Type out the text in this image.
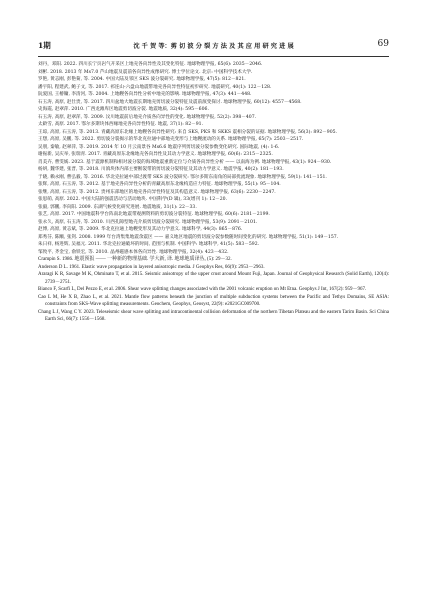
1期	沈 千 贺 等：剪 切 波 分 裂 方 法 及 其 应 用 研 究 进 展	69

刘丹，邓阳. 2022. 四川长宁页岩气开采区上地壳各向异性及其变化特征. 地球物理学报, 65(6): 2035－2046.

刘彬. 2018. 2013 年 Ms7.0 芦山地震及震前各向异性成像研究. 博士学位论文. 北京: 中国科学技术大学.

罗艳, 黄志刚, 彭艳菊, 等. 2004. 中国大陆及邻区 SKS 波分裂研究. 地球物理学报, 47(5): 812－821.

潘宇阳, 程建武, 鲍子文, 等. 2017. 祁连山-六盘山地震带地壳各向异性特征初步研究. 地震研究, 40(1): 122－128.

阮爱国, 王椿镛, 李清河, 等. 2004. 上地幔各向异性分析中地壳的影响. 地球物理学报, 47(3): 441－448.

石玉涛, 高原, 赵仕贵, 等. 2017. 四川盆地大地震长期地壳剪切波分裂特征及震前演变探讨. 地球物理学报, 60(12): 4557－4568.

史海霞, 赵翠萍. 2010. 广西龙滩库区地震剪切波分裂. 地震地质, 32(4): 595－606.

石玉涛, 高原, 赵翠萍, 等. 2009. 汶川地震前后地壳介质各向异性的变化. 地球物理学报, 52(2): 398－407.

太龄雪, 高原. 2017. 鄂尔多斯块体西缘地壳各向异性特征. 地震, 37(1): 82－91.

王琼, 高原, 石玉涛, 等. 2013. 青藏高原东北缘上地幔各向异性研究: 来自 SKS, PKS 和 SKKS 震相分裂的证据. 地球物理学报, 56(3): 892－905.

王想, 高原, 吴鹏, 等. 2022. 剪切波分裂揭示的华北克拉通中部地壳变形与上地幔流动的关系. 地球物理学报, 65(7): 2503－2517.

吴朋, 秦敏, 赵翠萍, 等. 2019. 2014 年 10 月云南景谷 Ms6.6 地震序列剪切波分裂参数变化研究. 国际地震, (4): 1-6.

谢振新, 吴庆举, 张瑞青. 2017. 青藏高原东北缘地壳各向异性及其动力学意义. 地球物理学报, 60(6): 2315－2325.

肖美卉, 曹雯嫣. 2023. 基于震源机制和相对波分裂的海域地震重新定位与介质各向异性分析 —— 以南海为例. 地球物理学报, 43(1): 924－930.

杨妍, 魏华建, 张晋, 等. 2018. 川滇块体内部主要断裂带的剪切波分裂特征及其动力学意义. 地震学报, 40(2): 181－193.

于晓, 赖永刚, 曹弘毅, 等. 2016. 华北克拉通中部过渡带 SKS 波分裂研究: 鄂尔多斯东南角的局部扰流现象. 地球物理学报, 59(1): 141－151.

张辉, 高原, 石玉涛, 等. 2012. 基于地壳各向异性分析的青藏高原东北缘构造应力特征. 地球物理学报, 55(1): 95－104.

张继, 高原, 石玉涛, 等. 2012. 贵州东部地区的地壳各向异性特征及其构造意义. 地球物理学报, 63(6): 2230－2247.

张思萌, 高原. 2022. 中国大陆的强震活动与活动地块. 中国科学(D 辑), 33(增刊 1): 12－20.

张毅, 郭鹏, 李向阳. 2009. 东湖气候变化研究进展. 地震地质, 31(1): 22－33.

张艺, 高原. 2017. 中国地震科学台阵南北地震带观测资料的剪切波分裂特征. 地球物理学报, 60(6): 2181－2199.

张永久, 高原, 石玉涛, 等. 2010. 川西孔隙型地壳介质剪切波分裂研究. 地球物理学报, 53(9): 2091－2101.

赵博, 高原, 黄志斌, 等. 2009. 华北克拉通上地幔变形及其动力学意义. 地球科学, 44(3): 865－876.

郑秀芬, 陈颙, 张剑. 2008. 1999 年台湾集集地震余震区 —— 嘉义地区地震的剪切波分裂参数随时间变化的研究. 地球物理学报, 51(1): 149－157.

朱日祥, 杨进辉, 吴福元. 2011. 华北克拉通破坏的时间, 范围与机制. 中国科学: 地球科学, 41(5): 583－592.

邹致平, 齐金宝, 俞铁宏, 等. 2010. 晶州磁感本体各向异性. 地球物理学报, 32(4): 423－432.

Crampin S. 1986. 地震预报 —— 一种新的物理基础. 学大新, 译. 地球地质译丛, (5): 29－32.

Anderson D L. 1961. Elastic wave propagation in layered anisotropic media. J Geophys Res, 66(9): 2953－2963.

Araragi K R, Savage M K, Ohminato T, et al. 2015. Seismic anisotropy of the upper crust around Mount Fuji, Japan. Journal of Geophysical Research (Solid Earth), 120(4): 2739－2751.

Bianco F, Scarfi L, Del Pezzo E, et al. 2006. Shear wave splitting changes associated with the 2001 volcanic eruption on Mt Etna. Geophys J Int, 167(2): 959－967.

Cao L M, He X B, Zhao L, et al. 2021. Mantle flow patterns beneath the junction of multiple subduction systems between the Pacific and Tethys Domains, SE ASIA: constraints from SKS-Wave splitting measurements. Geochem, Geophys, Geosyst, 22(9): e2021GC009700.

Chang L J, Wang C Y. 2023. Teleseismic shear wave splitting and intracontinental collision deformation of the northern Tibetan Plateau and the eastern Tarim Basin. Sci China Earth Sci, 66(7): 1556－1568.
